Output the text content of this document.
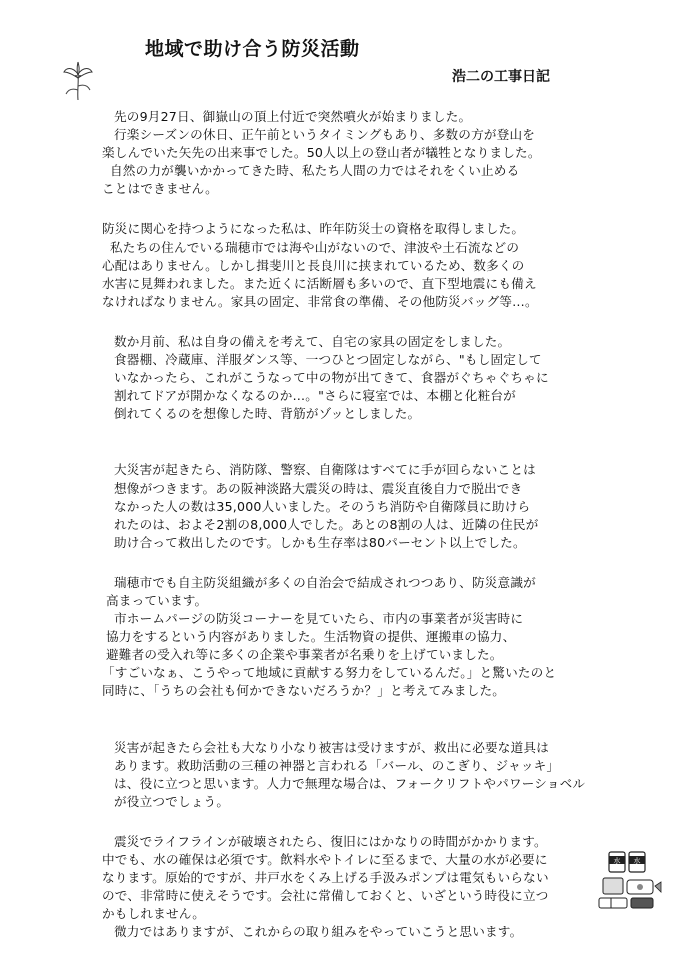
地域で助け合う防災活動
浩二の工事日記
先の9月27日、御嶽山の頂上付近で突然噴火が始まりました。
行楽シーズンの休日、正午前というタイミングもあり、多数の方が登山を
楽しんでいた矢先の出来事でした。50人以上の登山者が犠牲となりました。
自然の力が襲いかかってきた時、私たち人間の力ではそれをくい止める
ことはできません。
防災に関心を持つようになった私は、昨年防災士の資格を取得しました。
私たちの住んでいる瑞穂市では海や山がないので、津波や土石流などの
心配はありません。しかし揖斐川と長良川に挟まれているため、数多くの
水害に見舞われました。また近くに活断層も多いので、直下型地震にも備え
なければなりません。家具の固定、非常食の準備、その他防災バッグ等…。
数か月前、私は自身の備えを考えて、自宅の家具の固定をしました。
食器棚、冷蔵庫、洋服ダンス等、一つひとつ固定しながら、"もし固定して
いなかったら、これがこうなって中の物が出てきて、食器がぐちゃぐちゃに
割れてドアが開かなくなるのか…。"さらに寝室では、本棚と化粧台が
倒れてくるのを想像した時、背筋がゾッとしました。
大災害が起きたら、消防隊、警察、自衛隊はすべてに手が回らないことは
想像がつきます。あの阪神淡路大震災の時は、震災直後自力で脱出でき
なかった人の数は35,000人いました。そのうち消防や自衛隊員に助けら
れたのは、およそ2割の8,000人でした。あとの8割の人は、近隣の住民が
助け合って救出したのです。しかも生存率は80パーセント以上でした。
瑞穂市でも自主防災組織が多くの自治会で結成されつつあり、防災意識が
高まっています。
市ホームパージの防災コーナーを見ていたら、市内の事業者が災害時に
協力をするという内容がありました。生活物資の提供、運搬車の協力、
避難者の受入れ等に多くの企業や事業者が名乗りを上げていました。
「すごいなぁ、こうやって地域に貢献する努力をしているんだ。」と驚いたのと
同時に、「うちの会社も何かできないだろうか？」と考えてみました。
災害が起きたら会社も大なり小なり被害は受けますが、救出に必要な道具は
あります。救助活動の三種の神器と言われる「バール、のこぎり、ジャッキ」
は、役に立つと思います。人力で無理な場合は、フォークリフトやパワーショベル
が役立つでしょう。
震災でライフラインが破壊されたら、復旧にはかなりの時間がかかります。
中でも、水の確保は必須です。飲料水やトイレに至るまで、大量の水が必要に
なります。原始的ですが、井戸水をくみ上げる手汲みポンプは電気もいらない
ので、非常時に使えそうです。会社に常備しておくと、いざという時役に立つ
かもしれません。
微力ではありますが、これからの取り組みをやっていこうと思います。
水 水
